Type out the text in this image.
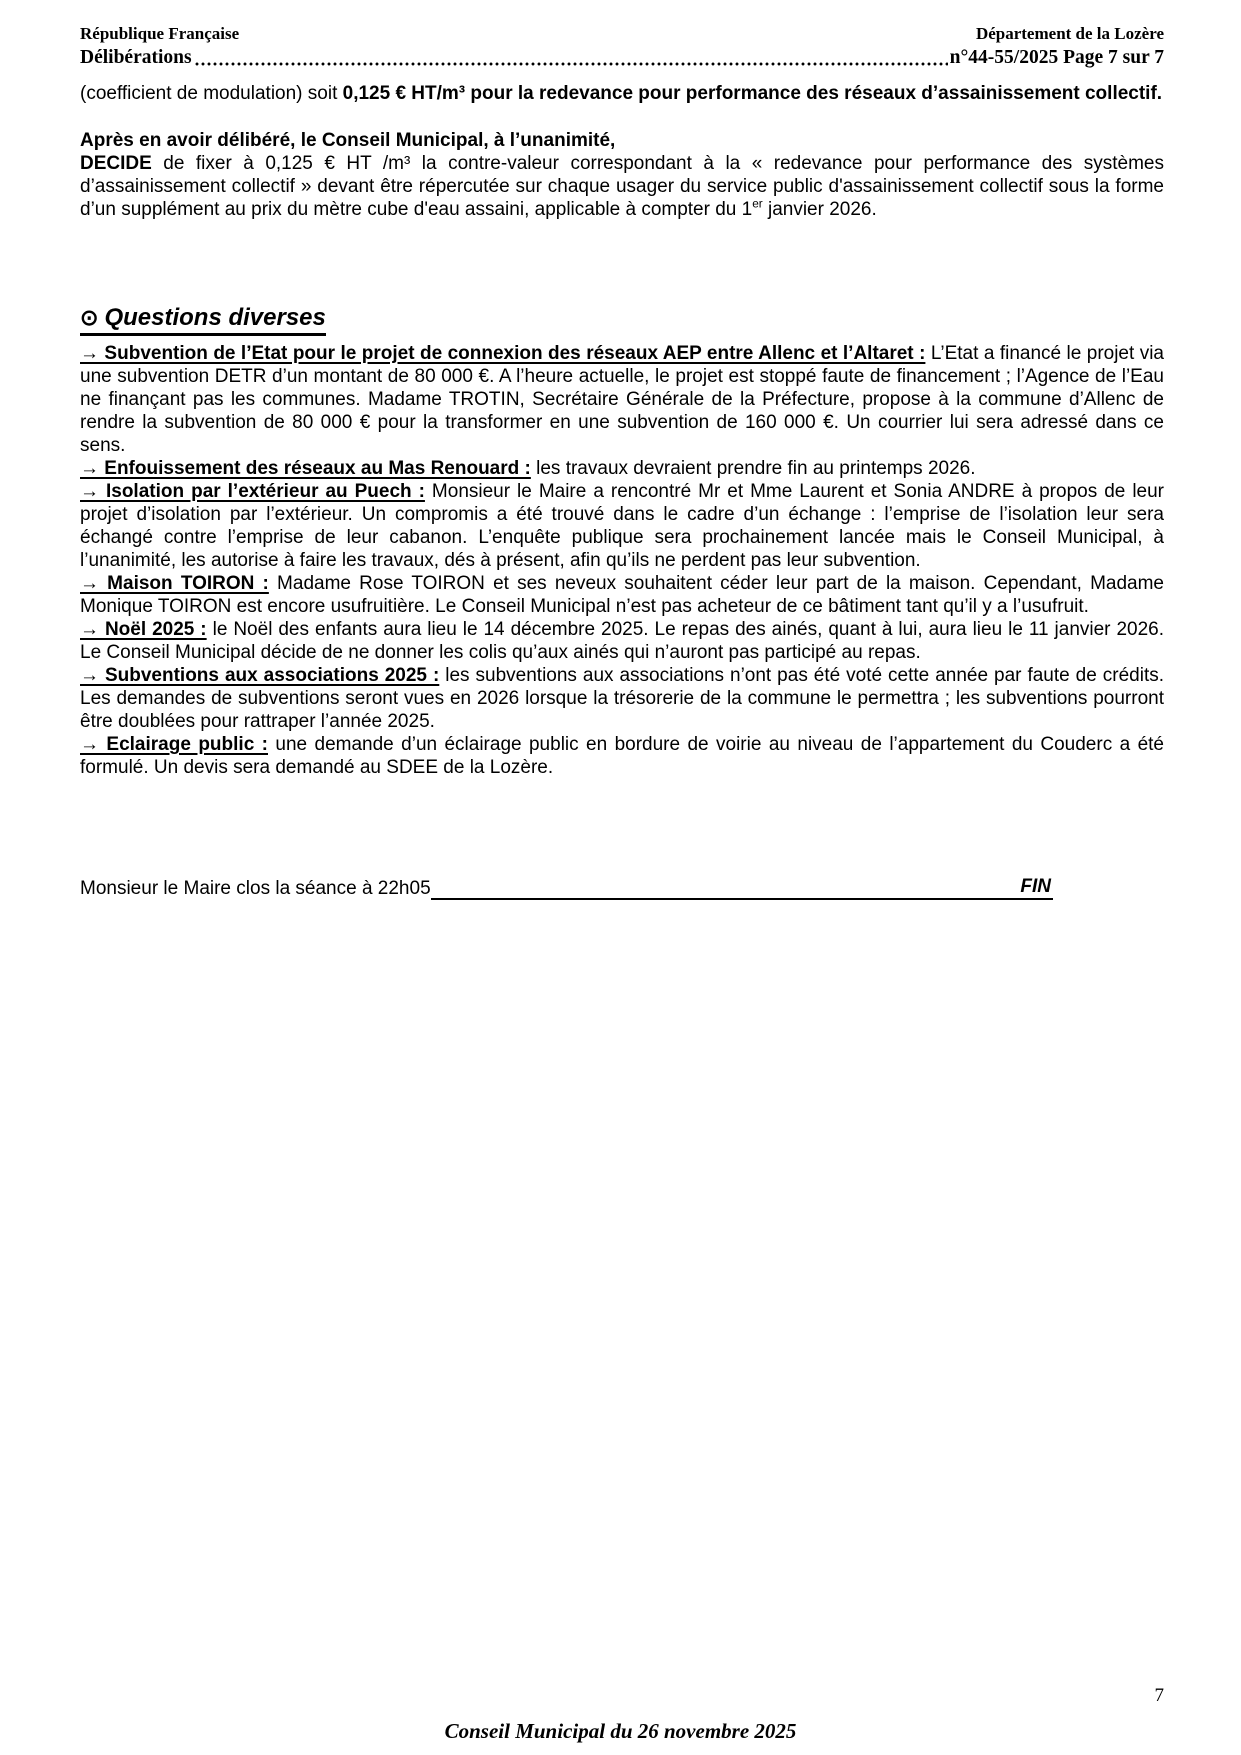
République Française	Département de la Lozère
Délibérations	n°44-55/2025 Page 7 sur 7

(coefficient de modulation) soit 0,125 € HT/m³ pour la redevance pour performance des réseaux d’assainissement collectif.

Après en avoir délibéré, le Conseil Municipal, à l’unanimité,

DECIDE de fixer à 0,125 € HT /m³ la contre-valeur correspondant à la « redevance pour performance des systèmes d’assainissement collectif » devant être répercutée sur chaque usager du service public d'assainissement collectif sous la forme d’un supplément au prix du mètre cube d'eau assaini, applicable à compter du 1er janvier 2026.

⊙ Questions diverses

→ Subvention de l’Etat pour le projet de connexion des réseaux AEP entre Allenc et l’Altaret : L’Etat a financé le projet via une subvention DETR d’un montant de 80 000 €. A l’heure actuelle, le projet est stoppé faute de financement ; l’Agence de l’Eau ne finançant pas les communes. Madame TROTIN, Secrétaire Générale de la Préfecture, propose à la commune d’Allenc de rendre la subvention de 80 000 € pour la transformer en une subvention de 160 000 €. Un courrier lui sera adressé dans ce sens.

→ Enfouissement des réseaux au Mas Renouard : les travaux devraient prendre fin au printemps 2026.

→ Isolation par l’extérieur au Puech : Monsieur le Maire a rencontré Mr et Mme Laurent et Sonia ANDRE à propos de leur projet d’isolation par l’extérieur. Un compromis a été trouvé dans le cadre d’un échange : l’emprise de l’isolation leur sera échangé contre l’emprise de leur cabanon. L’enquête publique sera prochainement lancée mais le Conseil Municipal, à l’unanimité, les autorise à faire les travaux, dés à présent, afin qu’ils ne perdent pas leur subvention.

→ Maison TOIRON : Madame Rose TOIRON et ses neveux souhaitent céder leur part de la maison. Cependant, Madame Monique TOIRON est encore usufruitière. Le Conseil Municipal n’est pas acheteur de ce bâtiment tant qu’il y a l’usufruit.

→ Noël 2025 : le Noël des enfants aura lieu le 14 décembre 2025. Le repas des ainés, quant à lui, aura lieu le 11 janvier 2026. Le Conseil Municipal décide de ne donner les colis qu’aux ainés qui n’auront pas participé au repas.

→ Subventions aux associations 2025 : les subventions aux associations n’ont pas été voté cette année par faute de crédits. Les demandes de subventions seront vues en 2026 lorsque la trésorerie de la commune le permettra ; les subventions pourront être doublées pour rattraper l’année 2025.

→ Eclairage public : une demande d’un éclairage public en bordure de voirie au niveau de l’appartement du Couderc a été formulé. Un devis sera demandé au SDEE de la Lozère.

Monsieur le Maire clos la séance à 22h05	FIN
7
Conseil Municipal du 26 novembre 2025
